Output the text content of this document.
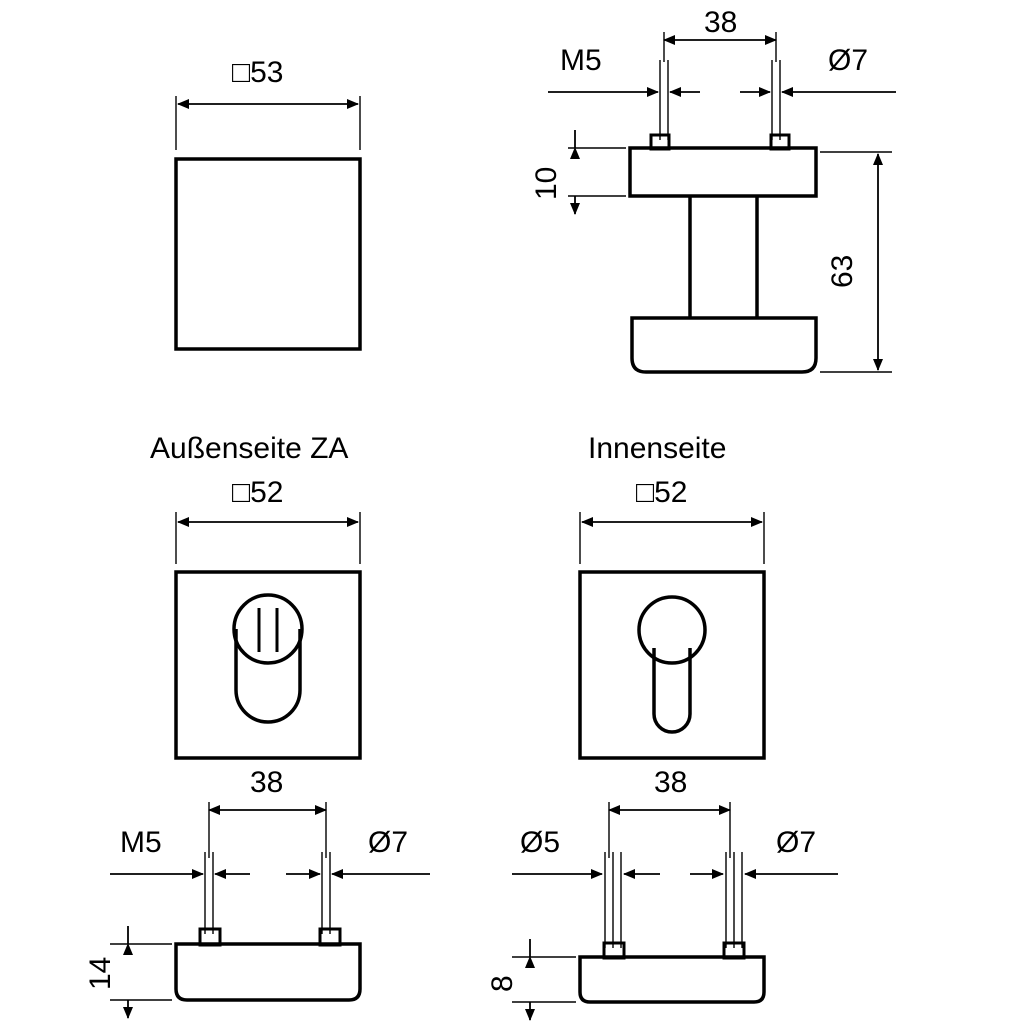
□53
38
M5	Ø7
10
63
Außenseite ZA	Innenseite
□52	□52
38
M5	Ø7
14
38
Ø5	Ø7
8
